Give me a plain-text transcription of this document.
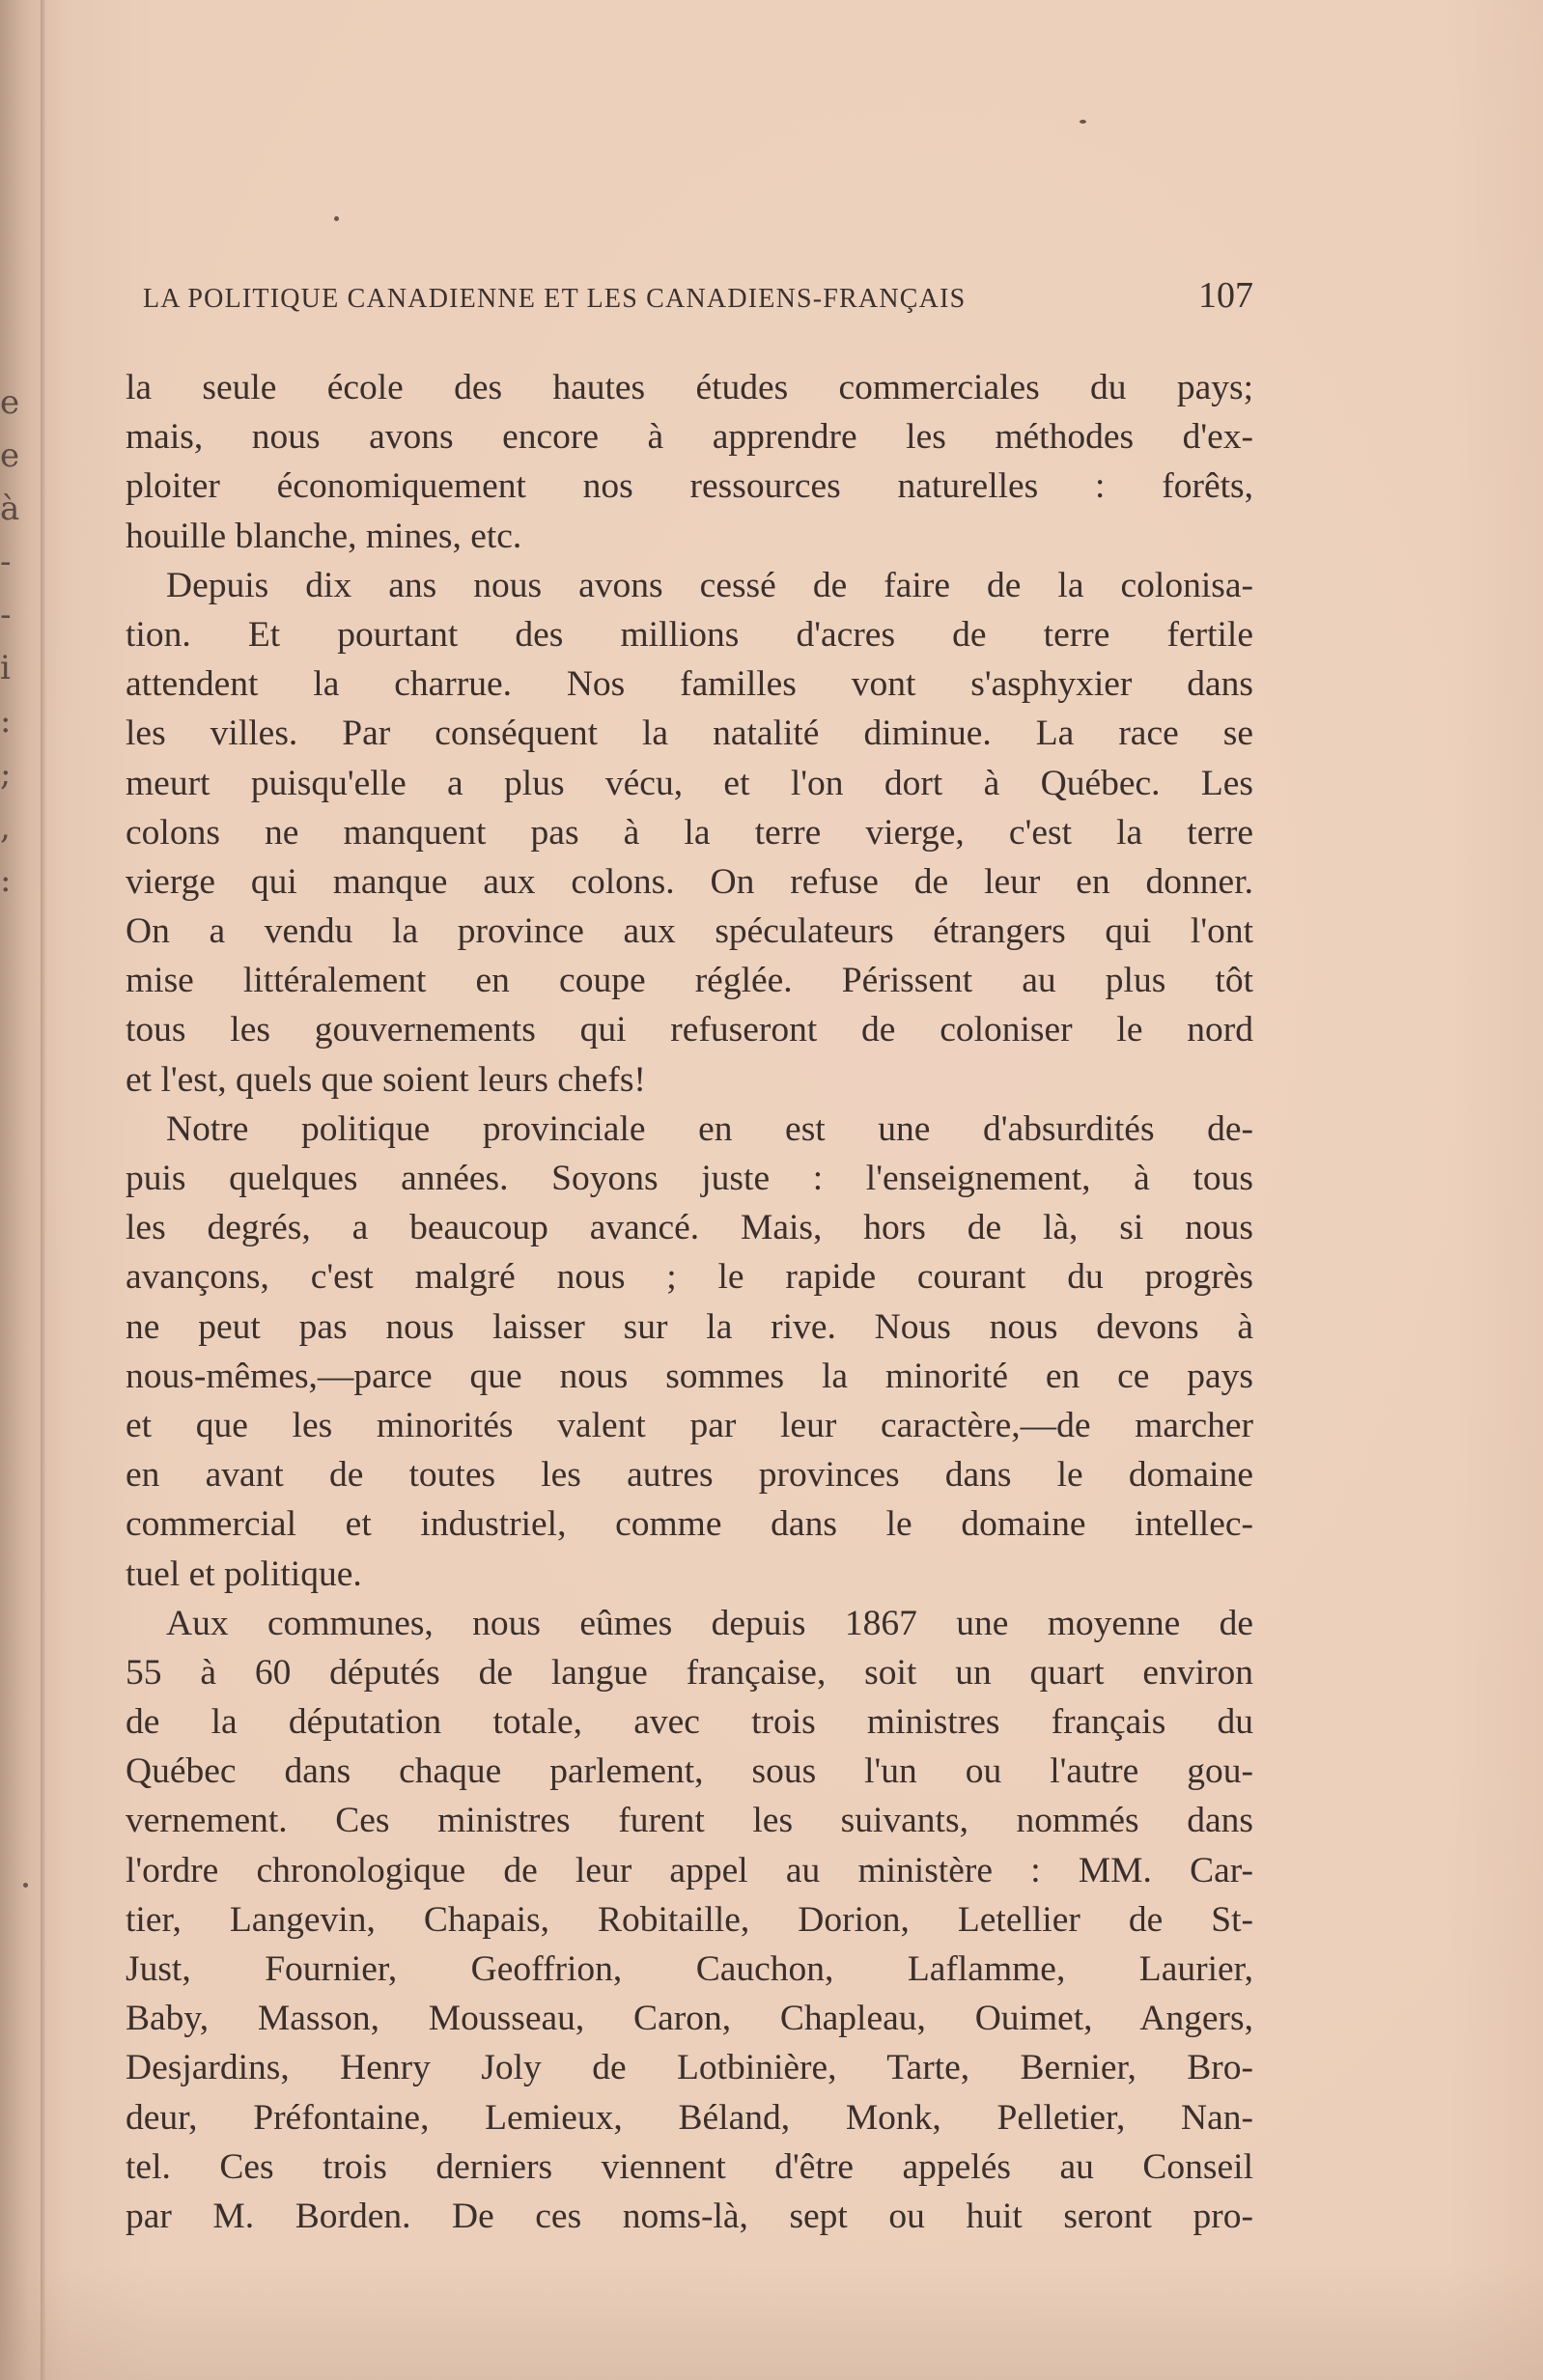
e
e
à
-
-
i
:
;
,
:
LA POLITIQUE CANADIENNE ET LES CANADIENS-FRANÇAIS	107
la seule école des hautes études commerciales du pays;
mais, nous avons encore à apprendre les méthodes d'ex-
ploiter économiquement nos ressources naturelles : forêts,
houille blanche, mines, etc.
Depuis dix ans nous avons cessé de faire de la colonisa-
tion. Et pourtant des millions d'acres de terre fertile
attendent la charrue. Nos familles vont s'asphyxier dans
les villes. Par conséquent la natalité diminue. La race se
meurt puisqu'elle a plus vécu, et l'on dort à Québec. Les
colons ne manquent pas à la terre vierge, c'est la terre
vierge qui manque aux colons. On refuse de leur en donner.
On a vendu la province aux spéculateurs étrangers qui l'ont
mise littéralement en coupe réglée. Périssent au plus tôt
tous les gouvernements qui refuseront de coloniser le nord
et l'est, quels que soient leurs chefs!
Notre politique provinciale en est une d'absurdités de-
puis quelques années. Soyons juste : l'enseignement, à tous
les degrés, a beaucoup avancé. Mais, hors de là, si nous
avançons, c'est malgré nous ; le rapide courant du progrès
ne peut pas nous laisser sur la rive. Nous nous devons à
nous-mêmes,—parce que nous sommes la minorité en ce pays
et que les minorités valent par leur caractère,—de marcher
en avant de toutes les autres provinces dans le domaine
commercial et industriel, comme dans le domaine intellec-
tuel et politique.
Aux communes, nous eûmes depuis 1867 une moyenne de
55 à 60 députés de langue française, soit un quart environ
de la députation totale, avec trois ministres français du
Québec dans chaque parlement, sous l'un ou l'autre gou-
vernement. Ces ministres furent les suivants, nommés dans
l'ordre chronologique de leur appel au ministère : MM. Car-
tier, Langevin, Chapais, Robitaille, Dorion, Letellier de St-
Just, Fournier, Geoffrion, Cauchon, Laflamme, Laurier,
Baby, Masson, Mousseau, Caron, Chapleau, Ouimet, Angers,
Desjardins, Henry Joly de Lotbinière, Tarte, Bernier, Bro-
deur, Préfontaine, Lemieux, Béland, Monk, Pelletier, Nan-
tel. Ces trois derniers viennent d'être appelés au Conseil
par M. Borden. De ces noms-là, sept ou huit seront pro-
